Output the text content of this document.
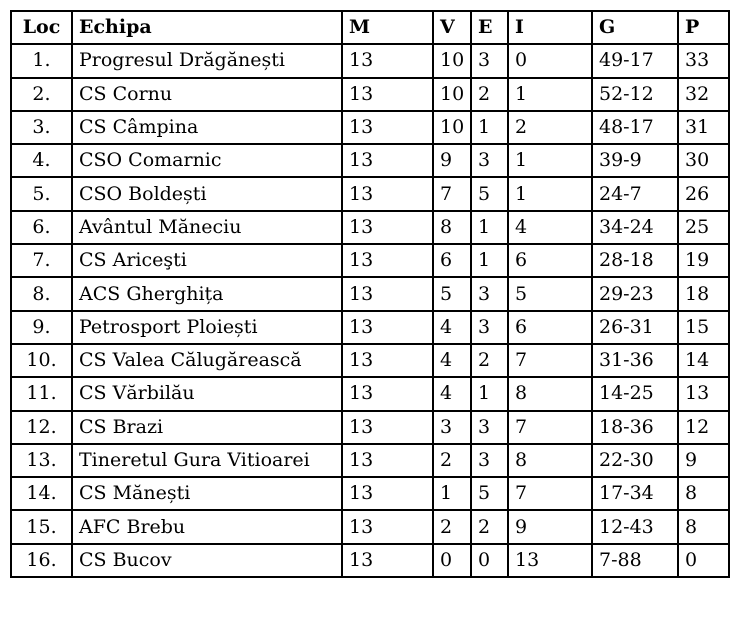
Loc	Echipa	M	V	E	I	G	P
1.	Progresul Drăgănești	13	10	3	0	49-17	33
2.	CS Cornu	13	10	2	1	52-12	32
3.	CS Câmpina	13	10	1	2	48-17	31
4.	CSO Comarnic	13	9	3	1	39-9	30
5.	CSO Boldești	13	7	5	1	24-7	26
6.	Avântul Măneciu	13	8	1	4	34-24	25
7.	CS Ariceşti	13	6	1	6	28-18	19
8.	ACS Gherghița	13	5	3	5	29-23	18
9.	Petrosport Ploiești	13	4	3	6	26-31	15
10.	CS Valea Călugărească	13	4	2	7	31-36	14
11.	CS Vărbilău	13	4	1	8	14-25	13
12.	CS Brazi	13	3	3	7	18-36	12
13.	Tineretul Gura Vitioarei	13	2	3	8	22-30	9
14.	CS Mănești	13	1	5	7	17-34	8
15.	AFC Brebu	13	2	2	9	12-43	8
16.	CS Bucov	13	0	0	13	7-88	0
